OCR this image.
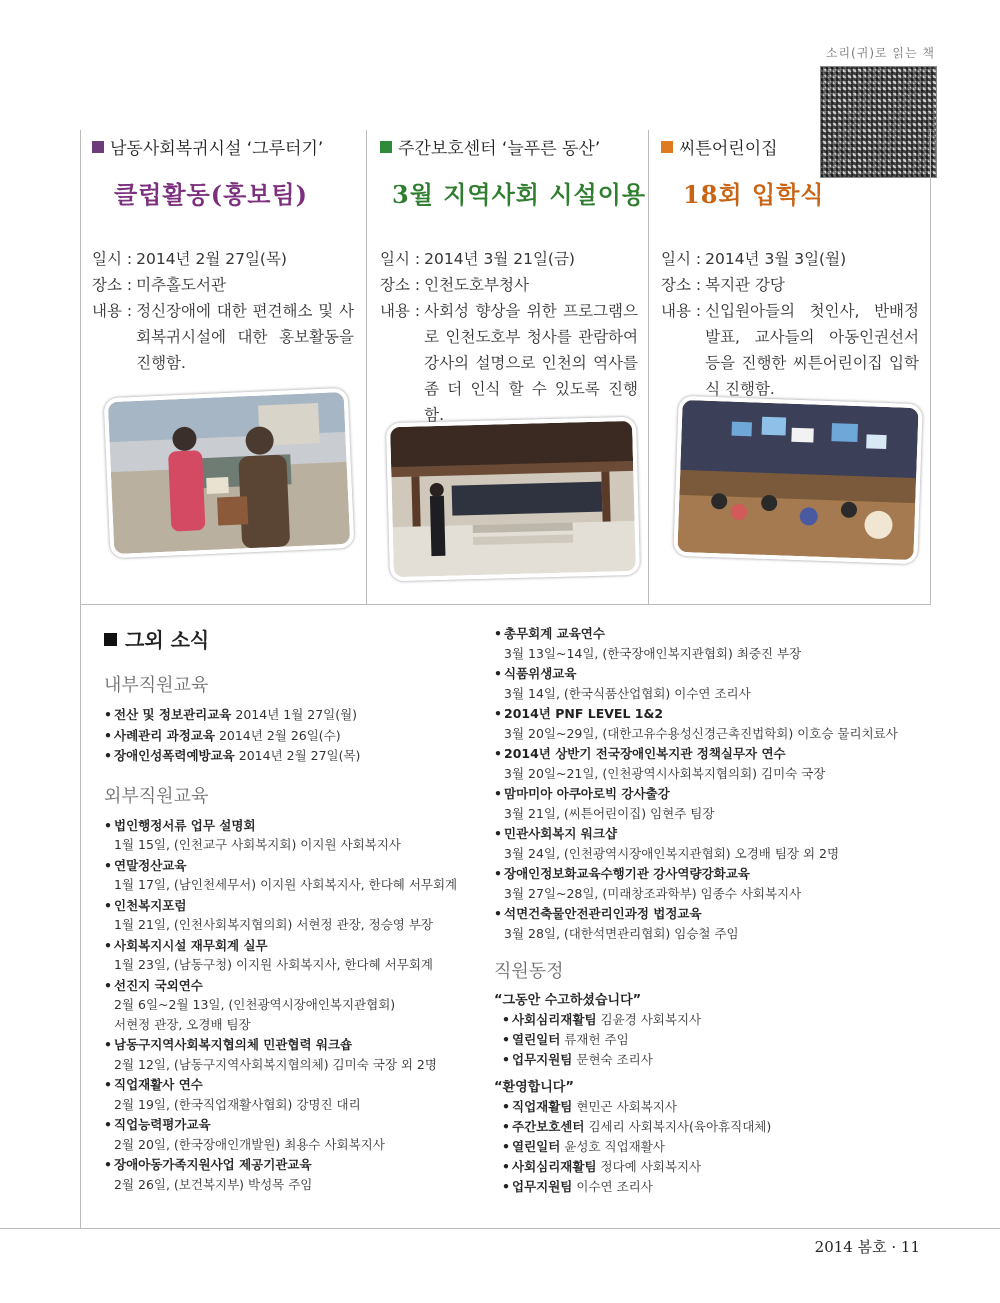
소리(귀)로 읽는 책
남동사회복귀시설 ‘그루터기’
클럽활동(홍보팀)
일시 : 2014년 2월 27일(목)
장소 : 미추홀도서관
내용 : 정신장애에 대한 편견해소 및 사회복귀시설에 대한 홍보활동을 진행함.
주간보호센터 ‘늘푸른 동산’
3월 지역사회 시설이용
일시 : 2014년 3월 21일(금)
장소 : 인천도호부청사
내용 : 사회성 향상을 위한 프로그램으로 인천도호부 청사를 관람하여 강사의 설명으로 인천의 역사를 좀 더 인식 할 수 있도록 진행함.
씨튼어린이집
18회 입학식
일시 : 2014년 3월 3일(월)
장소 : 복지관 강당
내용 : 신입원아들의 첫인사, 반배정 발표, 교사들의 아동인권선서 등을 진행한 씨튼어린이집 입학식 진행함.
그외 소식
내부직원교육
• 전산 및 정보관리교육 2014년 1월 27일(월)
• 사례관리 과정교육 2014년 2월 26일(수)
• 장애인성폭력예방교육 2014년 2월 27일(목)
외부직원교육
• 법인행정서류 업무 설명회
1월 15일, (인천교구 사회복지회) 이지원 사회복지사
• 연말정산교육
1월 17일, (남인천세무서) 이지원 사회복지사, 한다혜 서무회계
• 인천복지포럼
1월 21일, (인천사회복지협의회) 서현정 관장, 정승영 부장
• 사회복지시설 재무회계 실무
1월 23일, (남동구청) 이지원 사회복지사, 한다혜 서무회계
• 선진지 국외연수
2월 6일~2월 13일, (인천광역시장애인복지관협회)
서현정 관장, 오경배 팀장
• 남동구지역사회복지협의체 민관협력 워크숍
2월 12일, (남동구지역사회복지협의체) 김미숙 국장 외 2명
• 직업재활사 연수
2월 19일, (한국직업재활사협회) 강명진 대리
• 직업능력평가교육
2월 20일, (한국장애인개발원) 최용수 사회복지사
• 장애아동가족지원사업 제공기관교육
2월 26일, (보건복지부) 박성목 주임
• 총무회계 교육연수
3월 13일~14일, (한국장애인복지관협회) 최중진 부장
• 식품위생교육
3월 14일, (한국식품산업협회) 이수연 조리사
• 2014년 PNF LEVEL 1&2
3월 20일~29일, (대한고유수용성신경근촉진법학회) 이호승 물리치료사
• 2014년 상반기 전국장애인복지관 정책실무자 연수
3월 20일~21일, (인천광역시사회복지협의회) 김미숙 국장
• 맘마미아 아쿠아로빅 강사출강
3월 21일, (씨튼어린이집) 임현주 팀장
• 민관사회복지 워크샵
3월 24일, (인천광역시장애인복지관협회) 오경배 팀장 외 2명
• 장애인정보화교육수행기관 강사역량강화교육
3월 27일~28일, (미래창조과학부) 임종수 사회복지사
• 석면건축물안전관리인과정 법정교육
3월 28일, (대한석면관리협회) 임승철 주임
직원동정
“그동안 수고하셨습니다”
• 사회심리재활팀 김윤경 사회복지사
• 열린일터 류재헌 주임
• 업무지원팀 문현숙 조리사
“환영합니다”
• 직업재활팀 현민곤 사회복지사
• 주간보호센터 김세리 사회복지사(육아휴직대체)
• 열린일터 윤성호 직업재활사
• 사회심리재활팀 정다예 사회복지사
• 업무지원팀 이수연 조리사
2014 봄호 · 11
